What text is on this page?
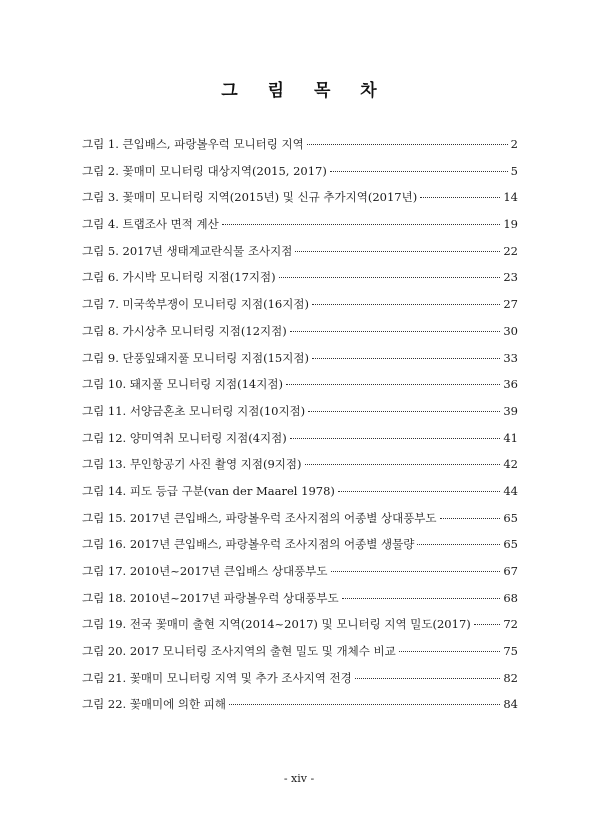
그 림 목 차
그림 1. 큰입배스, 파랑볼우럭 모니터링 지역	2
그림 2. 꽃매미 모니터링 대상지역(2015, 2017)	5
그림 3. 꽃매미 모니터링 지역(2015년) 및 신규 추가지역(2017년)	14
그림 4. 트랩조사 면적 계산	19
그림 5. 2017년 생태계교란식물 조사지점	22
그림 6. 가시박 모니터링 지점(17지점)	23
그림 7. 미국쑥부쟁이 모니터링 지점(16지점)	27
그림 8. 가시상추 모니터링 지점(12지점)	30
그림 9. 단풍잎돼지풀 모니터링 지점(15지점)	33
그림 10. 돼지풀 모니터링 지점(14지점)	36
그림 11. 서양금혼초 모니터링 지점(10지점)	39
그림 12. 양미역취 모니터링 지점(4지점)	41
그림 13. 무인항공기 사진 촬영 지점(9지점)	42
그림 14. 피도 등급 구분(van der Maarel 1978)	44
그림 15. 2017년 큰입배스, 파랑볼우럭 조사지점의 어종별 상대풍부도	65
그림 16. 2017년 큰입배스, 파랑볼우럭 조사지점의 어종별 생물량	65
그림 17. 2010년~2017년 큰입배스 상대풍부도	67
그림 18. 2010년~2017년 파랑볼우럭 상대풍부도	68
그림 19. 전국 꽃매미 출현 지역(2014~2017) 및 모니터링 지역 밀도(2017)	72
그림 20. 2017 모니터링 조사지역의 출현 밀도 및 개체수 비교	75
그림 21. 꽃매미 모니터링 지역 및 추가 조사지역 전경	82
그림 22. 꽃매미에 의한 피해	84
- xiv -
